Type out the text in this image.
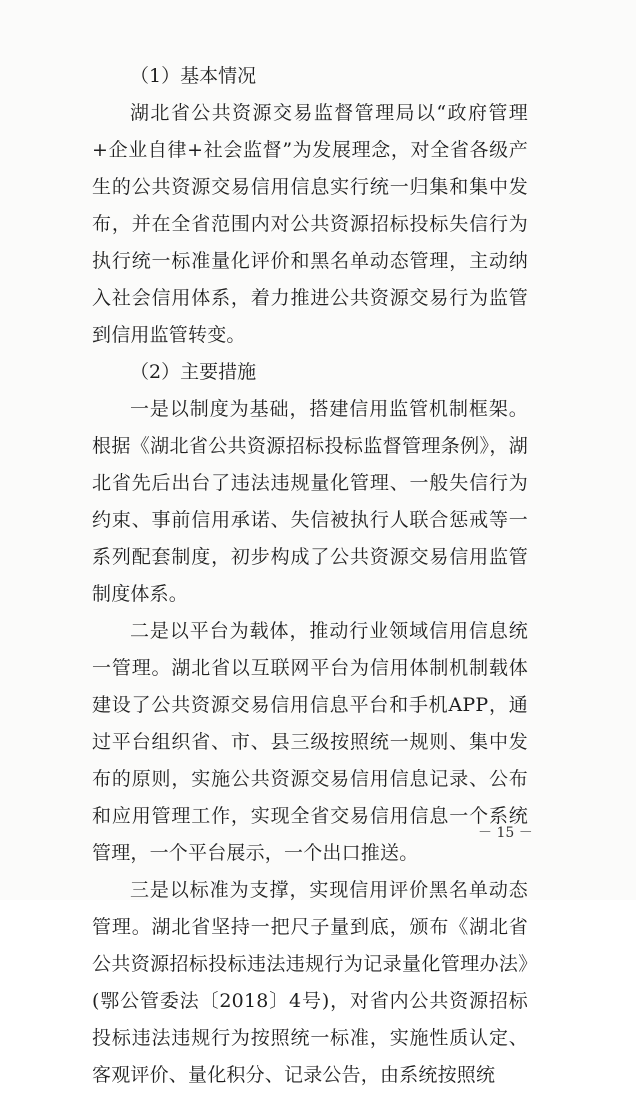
（1）基本情况

湖北省公共资源交易监督管理局以“政府管理+企业自律+社会监督”为发展理念，对全省各级产生的公共资源交易信用信息实行统一归集和集中发布，并在全省范围内对公共资源招标投标失信行为执行统一标准量化评价和黑名单动态管理，主动纳入社会信用体系，着力推进公共资源交易行为监管到信用监管转变。

（2）主要措施

一是以制度为基础，搭建信用监管机制框架。根据《湖北省公共资源招标投标监督管理条例》，湖北省先后出台了违法违规量化管理、一般失信行为约束、事前信用承诺、失信被执行人联合惩戒等一系列配套制度，初步构成了公共资源交易信用监管制度体系。

二是以平台为载体，推动行业领域信用信息统一管理。湖北省以互联网平台为信用体制机制载体建设了公共资源交易信用信息平台和手机APP，通过平台组织省、市、县三级按照统一规则、集中发布的原则，实施公共资源交易信用信息记录、公布和应用管理工作，实现全省交易信用信息一个系统管理，一个平台展示，一个出口推送。

三是以标准为支撑，实现信用评价黑名单动态管理。湖北省坚持一把尺子量到底，颁布《湖北省公共资源招标投标违法违规行为记录量化管理办法》(鄂公管委法〔2018〕4号)，对省内公共资源招标投标违法违规行为按照统一标准，实施性质认定、客观评价、量化积分、记录公告，由系统按照统

－ 15 －
